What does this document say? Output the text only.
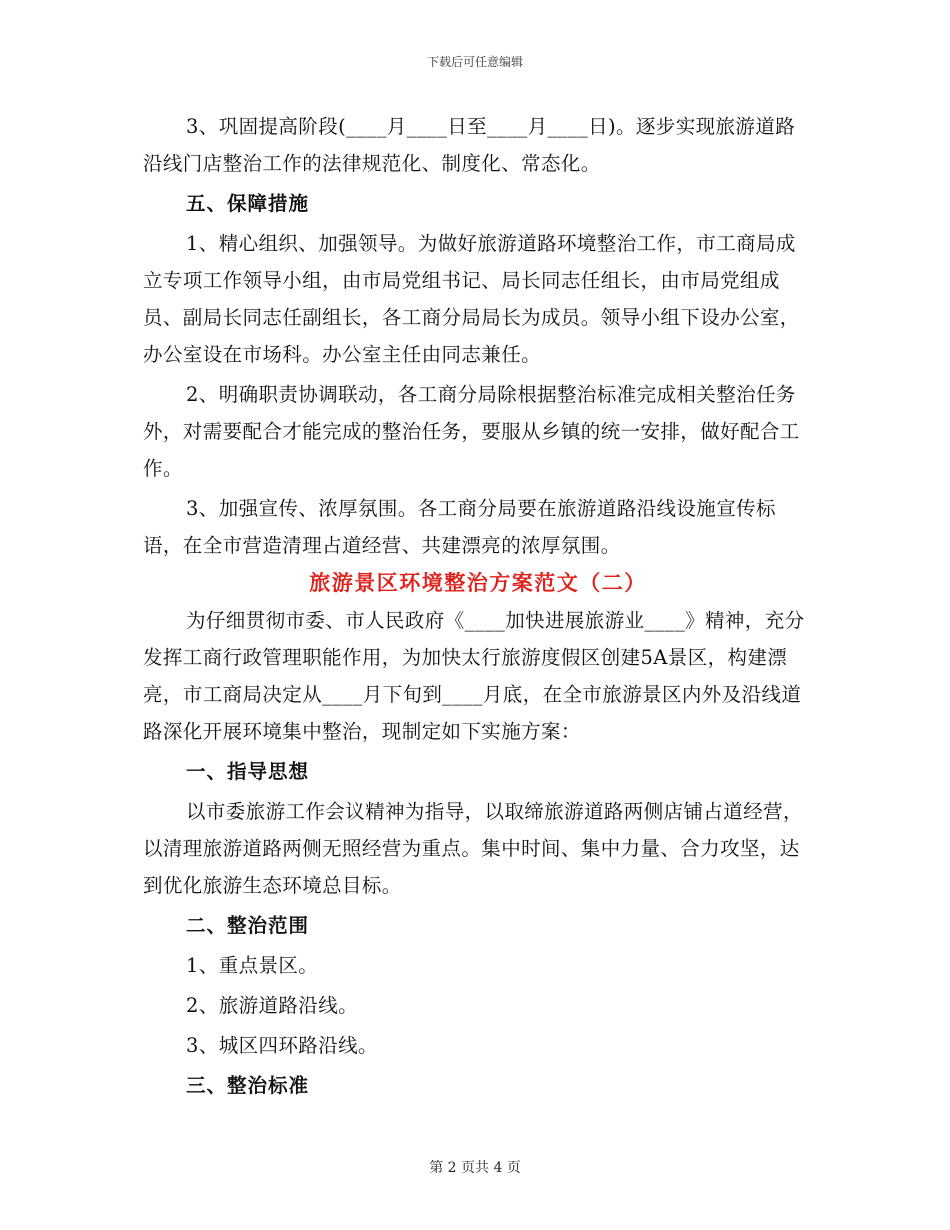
下载后可任意编辑

3、巩固提高阶段(____月____日至____月____日)。逐步实现旅游道路沿线门店整治工作的法律规范化、制度化、常态化。

五、保障措施

1、精心组织、加强领导。为做好旅游道路环境整治工作，市工商局成立专项工作领导小组，由市局党组书记、局长同志任组长，由市局党组成员、副局长同志任副组长，各工商分局局长为成员。领导小组下设办公室，办公室设在市场科。办公室主任由同志兼任。

2、明确职责协调联动，各工商分局除根据整治标准完成相关整治任务外，对需要配合才能完成的整治任务，要服从乡镇的统一安排，做好配合工作。

3、加强宣传、浓厚氛围。各工商分局要在旅游道路沿线设施宣传标语，在全市营造清理占道经营、共建漂亮的浓厚氛围。

旅游景区环境整治方案范文（二）

为仔细贯彻市委、市人民政府《____加快进展旅游业____》精神，充分发挥工商行政管理职能作用，为加快太行旅游度假区创建5A景区，构建漂亮，市工商局决定从____月下旬到____月底，在全市旅游景区内外及沿线道路深化开展环境集中整治，现制定如下实施方案：

一、指导思想

以市委旅游工作会议精神为指导，以取缔旅游道路两侧店铺占道经营，以清理旅游道路两侧无照经营为重点。集中时间、集中力量、合力攻坚，达到优化旅游生态环境总目标。

二、整治范围

1、重点景区。

2、旅游道路沿线。

3、城区四环路沿线。

三、整治标准

第 2 页共 4 页
